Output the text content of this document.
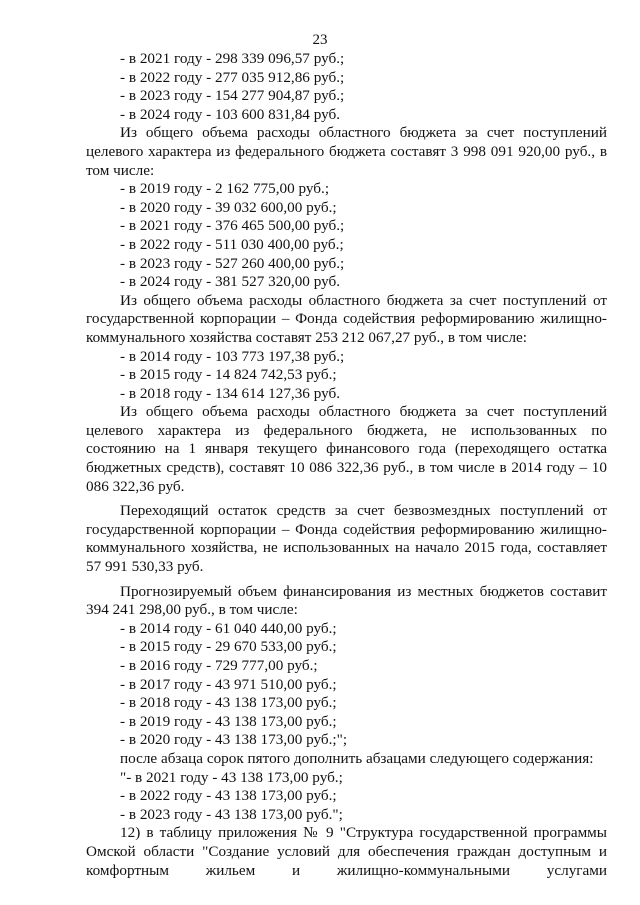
23
- в 2021 году - 298 339 096,57 руб.;
- в 2022 году - 277 035 912,86 руб.;
- в 2023 году - 154 277 904,87 руб.;
- в 2024 году - 103 600 831,84 руб.
Из общего объема расходы областного бюджета за счет поступлений целевого характера из федерального бюджета составят 3 998 091 920,00 руб., в том числе:
- в 2019 году - 2 162 775,00 руб.;
- в 2020 году - 39 032 600,00 руб.;
- в 2021 году - 376 465 500,00 руб.;
- в 2022 году - 511 030 400,00 руб.;
- в 2023 году - 527 260 400,00 руб.;
- в 2024 году - 381 527 320,00 руб.
Из общего объема расходы областного бюджета за счет поступлений от государственной корпорации – Фонда содействия реформированию жилищно-коммунального хозяйства составят 253 212 067,27 руб., в том числе:
- в 2014 году - 103 773 197,38 руб.;
- в 2015 году - 14 824 742,53 руб.;
- в 2018 году - 134 614 127,36 руб.
Из общего объема расходы областного бюджета за счет поступлений целевого характера из федерального бюджета, не использованных по состоянию на 1 января текущего финансового года (переходящего остатка бюджетных средств), составят 10 086 322,36 руб., в том числе в 2014 году – 10 086 322,36 руб.
Переходящий остаток средств за счет безвозмездных поступлений от государственной корпорации – Фонда содействия реформированию жилищно-коммунального хозяйства, не использованных на начало 2015 года, составляет 57 991 530,33 руб.
Прогнозируемый объем финансирования из местных бюджетов составит 394 241 298,00 руб., в том числе:
- в 2014 году - 61 040 440,00 руб.;
- в 2015 году - 29 670 533,00 руб.;
- в 2016 году - 729 777,00 руб.;
- в 2017 году - 43 971 510,00 руб.;
- в 2018 году - 43 138 173,00 руб.;
- в 2019 году - 43 138 173,00 руб.;
- в 2020 году - 43 138 173,00 руб.;";
после абзаца сорок пятого дополнить абзацами следующего содержания:
"- в 2021 году - 43 138 173,00 руб.;
- в 2022 году - 43 138 173,00 руб.;
- в 2023 году - 43 138 173,00 руб.";
12) в таблицу приложения № 9 "Структура государственной программы Омской области "Создание условий для обеспечения граждан доступным и комфортным жильем и жилищно-коммунальными услугами
